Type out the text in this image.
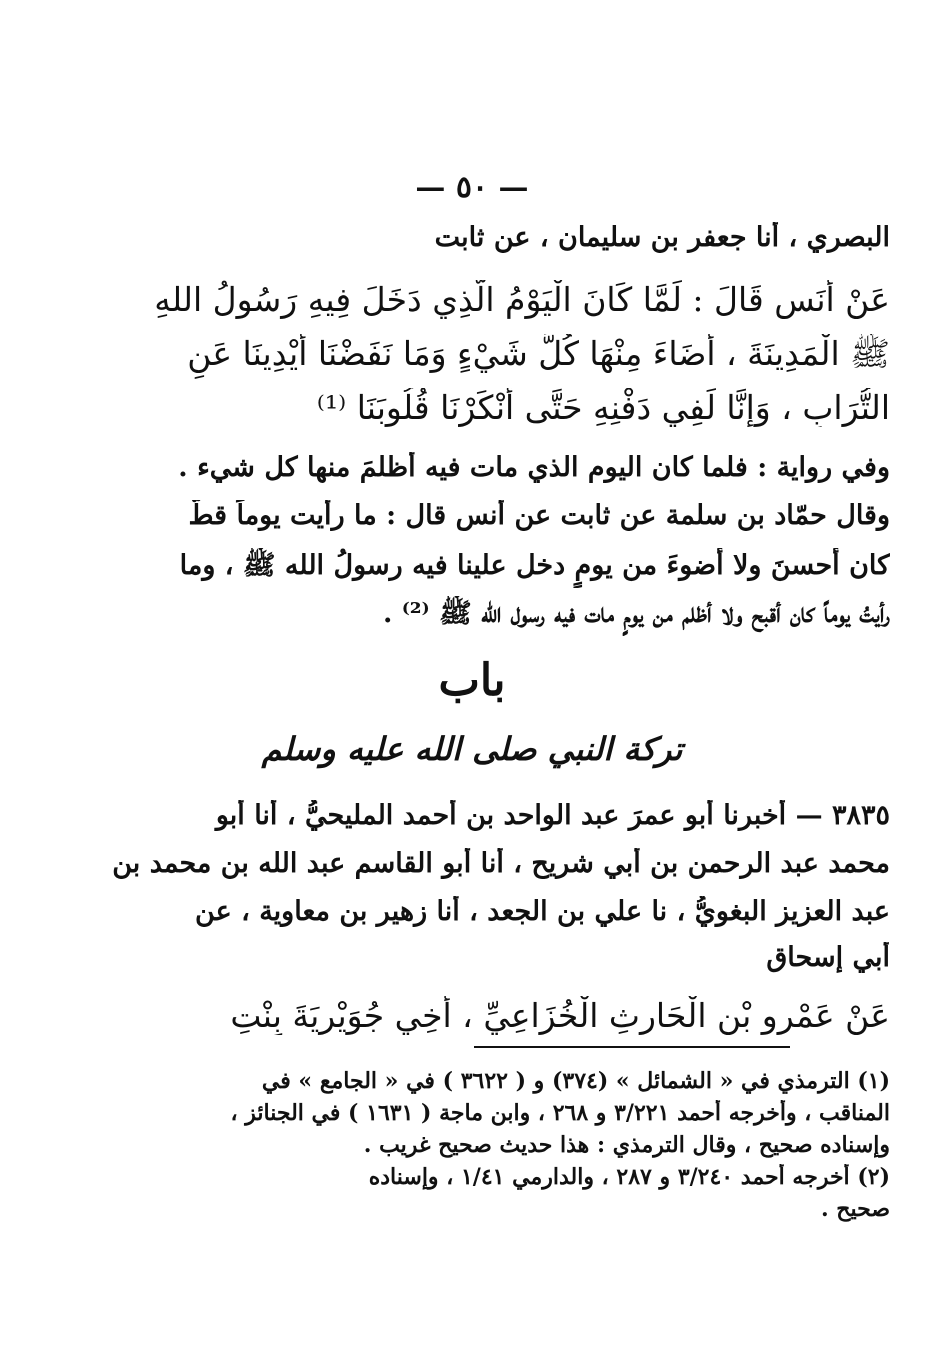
— ٥٠ —
البصري ، أنا جعفر بن سليمان ، عن ثابت
عَنْ أَنَسٍ قَالَ : لَمَّا كَانَ الْيَوْمُ الَّذِي دَخَلَ فِيهِ رَسُولُ اللهِ
ﷺ الْمَدِينَةَ ، أَضَاءَ مِنْهَا كُلُّ شَيْءٍ وَمَا نَفَضْنَا أَيْدِينَا عَنِ
التُّرَابِ ، وَإِنَّا لَفِي دَفْنِهِ حَتَّى أَنْكَرْنَا قُلُوبَنَا ⁽¹⁾
وفي رواية : فلما كان اليوم الذي مات فيه أظلمَ منها كل شيء .
وقال حمّاد بن سلمة عن ثابت عن أنسٍ قال : ما رأيت يوماً قطّ
كان أحسنَ ولا أضوءَ من يومٍ دخل علينا فيه رسولُ الله ﷺ ، وما
رأيتُ يوماً كان أقبح ولا أظلم من يومٍ مات فيه رسول الله ﷺ ⁽²⁾ .
باب
تركة النبي صلى الله عليه وسلم
٣٨٣٥ — أخبرنا أبو عمرَ عبد الواحد بن أحمد المليحيُّ ، أنا أبو
محمد عبد الرحمن بن أبي شريحٍ ، أنا أبو القاسم عبد الله بن محمد بن
عبد العزيز البغويُّ ، نا علي بن الجعد ، أنا زهير بن معاوية ، عن
أبي إسحاق
عَنْ عَمْرِو بْنِ الْحَارِثِ الْخُزَاعِيِّ ، أَخِي جُوَيْرِيَةَ بِنْتِ
(١) الترمذي في « الشمائل » (٣٧٤) و ( ٣٦٢٢ ) في « الجامع » في
المناقب ، وأخرجه أحمد ٣/٢٢١ و ٢٦٨ ، وابن ماجة ( ١٦٣١ ) في الجنائز ،
وإسناده صحيح ، وقال الترمذي : هذا حديث صحيح غريب .
(٢) أخرجه أحمد ٣/٢٤٠ و ٢٨٧ ، والدارمي ١/٤١ ، وإسناده
صحيح .
